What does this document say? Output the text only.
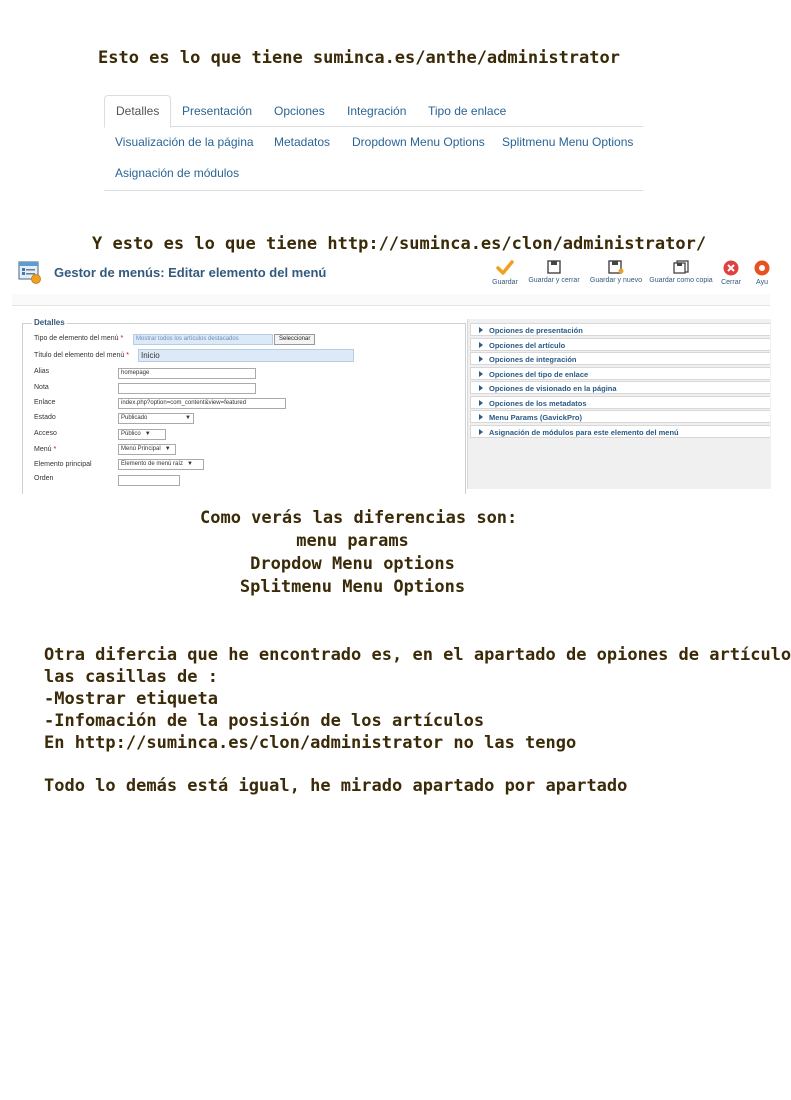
Esto es lo que tiene suminca.es/anthe/administrator
Detalles	Presentación Opciones Integración Tipo de enlace
Visualización de la página Metadatos Dropdown Menu Options Splitmenu Menu Options
Asignación de módulos
Y esto es lo que tiene http://suminca.es/clon/administrator/
Gestor de menús: Editar elemento del menú
Guardar	Guardar y cerrar	Guardar y nuevo Guardar como copia	Cerrar	Ayu
Detalles
Tipo de elemento del menú *	Mostrar todos los artículos destacados	Seleccionar
Título del elemento del menú *	Inicio
Alias	homepage
Nota
Enlace	index.php?option=com_content&view=featured
Estado	Publicado	▼
Acceso	Público ▼
Menú *	Menú Principal ▼
Elemento principal	Elemento de menú raíz ▼
Orden
Opciones de presentación
Opciones del artículo
Opciones de integración
Opciones del tipo de enlace
Opciones de visionado en la página
Opciones de los metadatos
Menu Params (GavickPro)
Asignación de módulos para este elemento del menú
Como verás las diferencias son:
menu params
Dropdow Menu options
Splitmenu Menu Options
Otra difercia que he encontrado es, en el apartado de opiones de artículo
las casillas de :
-Mostrar etiqueta
-Infomación de la posisión de los artículos
En http://suminca.es/clon/administrator no las tengo
Todo lo demás está igual, he mirado apartado por apartado
